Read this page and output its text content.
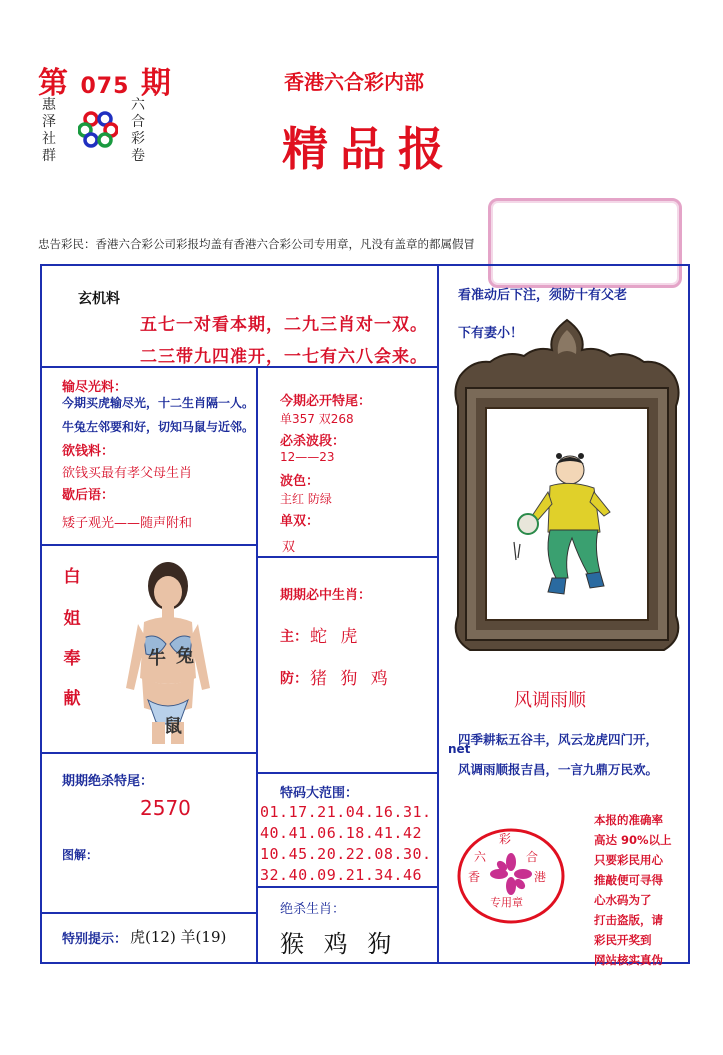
第 075 期
惠
泽
社
群
六
合
彩
卷
香港六合彩内部
精品报
忠告彩民：香港六合彩公司彩报均盖有香港六合彩公司专用章，凡没有盖章的都属假冒
玄机料
五七一对看本期，二九三肖对一双。
二三带九四准开，一七有六八会来。
输尽光料：
今期买虎输尽光，十二生肖隔一人。
牛兔左邻要和好，切知马鼠与近邻。
欲钱料：
欲钱买最有孝父母生肖
歇后语：
矮子观光——随声附和
今期必开特尾：
单357 双268
必杀波段：
12——23
波色：
主红 防绿
单双：
双
白
姐
奉
献
牛 兔
鼠
期期必中生肖：
主： 蛇 虎
防： 猪 狗 鸡
期期绝杀特尾：
2570
图解：
特码大范围：
01.17.21.04.16.31.
40.41.06.18.41.42
10.45.20.22.08.30.
32.40.09.21.34.46
特别提示： 虎(12) 羊(19)
绝杀生肖：
猴 鸡 狗
看准动后下注，须防十有父老
下有妻小！
风调雨顺
net
四季耕耘五谷丰，风云龙虎四门开，
风调雨顺报吉昌，一言九鼎万民欢。
彩
六	合
香	港
专用章
本报的准确率
高达 90%以上
只要彩民用心
推敲便可寻得
心水码为了
打击盗版，请
彩民开奖到
网站核实真伪
